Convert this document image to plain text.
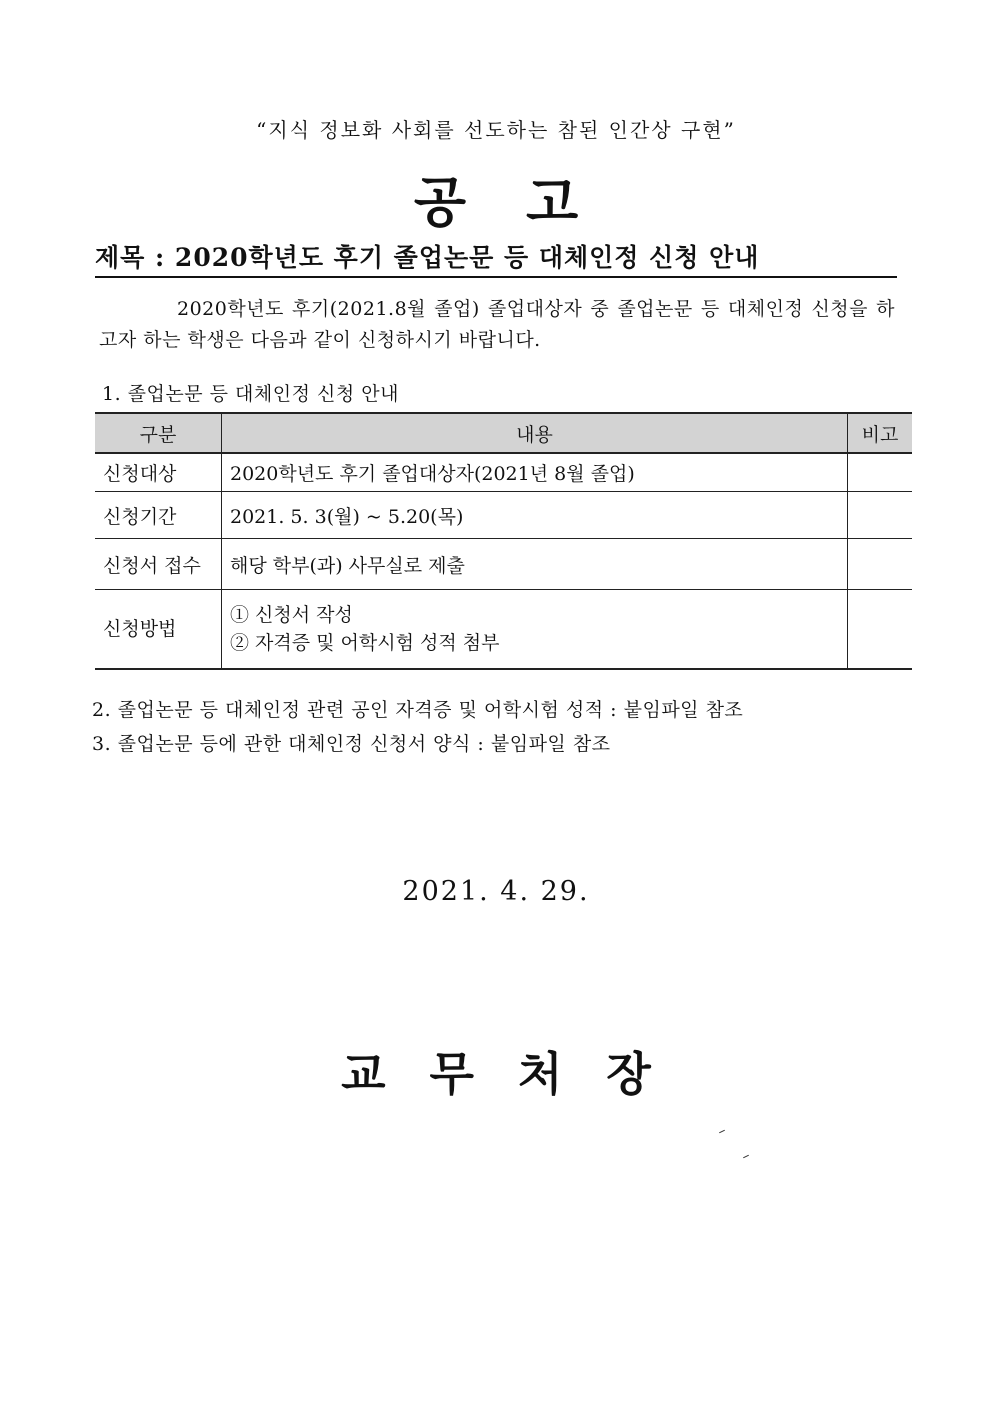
“지식 정보화 사회를 선도하는 참된 인간상 구현”
공고
제목 : 2020학년도 후기 졸업논문 등 대체인정 신청 안내
2020학년도 후기(2021.8월 졸업) 졸업대상자 중 졸업논문 등 대체인정 신청을 하고자 하는 학생은 다음과 같이 신청하시기 바랍니다.
1. 졸업논문 등 대체인정 신청 안내
구분	내용	비고
신청대상	2020학년도 후기 졸업대상자(2021년 8월 졸업)	
신청기간	2021. 5. 3(월) ~ 5.20(목)	
신청서 접수	해당 학부(과) 사무실로 제출	
신청방법	① 신청서 작성
② 자격증 및 어학시험 성적 첨부	

2. 졸업논문 등 대체인정 관련 공인 자격증 및 어학시험 성적 : 붙임파일 참조
3. 졸업논문 등에 관한 대체인정 신청서 양식 : 붙임파일 참조
2021. 4. 29.
교무처장
